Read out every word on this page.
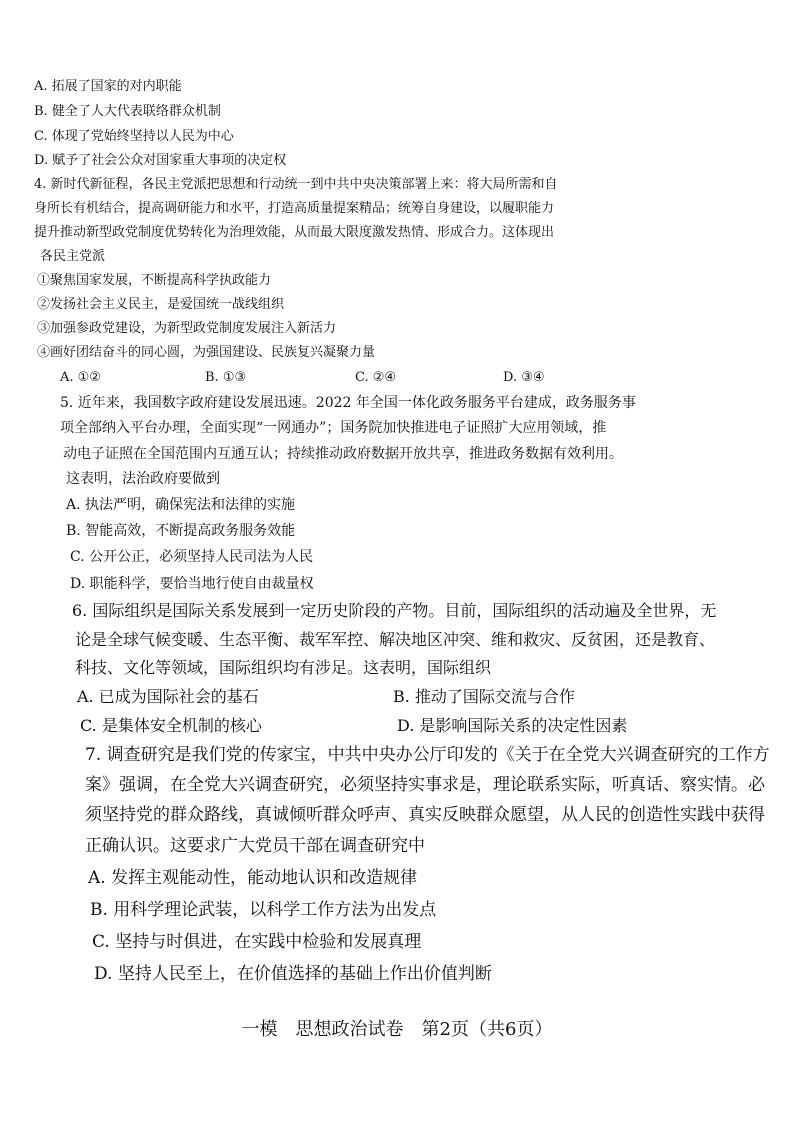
A. 拓展了国家的对内职能
B. 健全了人大代表联络群众机制
C. 体现了党始终坚持以人民为中心
D. 赋予了社会公众对国家重大事项的决定权
4. 新时代新征程，各民主党派把思想和行动统一到中共中央决策部署上来：将大局所需和自
身所长有机结合，提高调研能力和水平，打造高质量提案精品；统筹自身建设，以履职能力
提升推动新型政党制度优势转化为治理效能，从而最大限度激发热情、形成合力。这体现出
各民主党派
①聚焦国家发展，不断提高科学执政能力
②发扬社会主义民主，是爱国统一战线组织
③加强参政党建设，为新型政党制度发展注入新活力
④画好团结奋斗的同心圆，为强国建设、民族复兴凝聚力量
A. ①②	B. ①③	C. ②④	D. ③④
5. 近年来，我国数字政府建设发展迅速。2022 年全国一体化政务服务平台建成，政务服务事
项全部纳入平台办理，全面实现“一网通办”；国务院加快推进电子证照扩大应用领域，推
动电子证照在全国范围内互通互认；持续推动政府数据开放共享，推进政务数据有效利用。
这表明，法治政府要做到
A. 执法严明，确保宪法和法律的实施
B. 智能高效，不断提高政务服务效能
C. 公开公正，必须坚持人民司法为人民
D. 职能科学，要恰当地行使自由裁量权
6. 国际组织是国际关系发展到一定历史阶段的产物。目前，国际组织的活动遍及全世界，无
论是全球气候变暖、生态平衡、裁军军控、解决地区冲突、维和救灾、反贫困，还是教育、
科技、文化等领域，国际组织均有涉足。这表明，国际组织
A. 已成为国际社会的基石	B. 推动了国际交流与合作
C. 是集体安全机制的核心	D. 是影响国际关系的决定性因素
7. 调查研究是我们党的传家宝，中共中央办公厅印发的《关于在全党大兴调查研究的工作方
案》强调，在全党大兴调查研究，必须坚持实事求是，理论联系实际，听真话、察实情。必
须坚持党的群众路线，真诚倾听群众呼声、真实反映群众愿望，从人民的创造性实践中获得
正确认识。这要求广大党员干部在调查研究中
A. 发挥主观能动性，能动地认识和改造规律
B. 用科学理论武装，以科学工作方法为出发点
C. 坚持与时俱进，在实践中检验和发展真理
D. 坚持人民至上，在价值选择的基础上作出价值判断
一模　思想政治试卷　第2页（共6页）
